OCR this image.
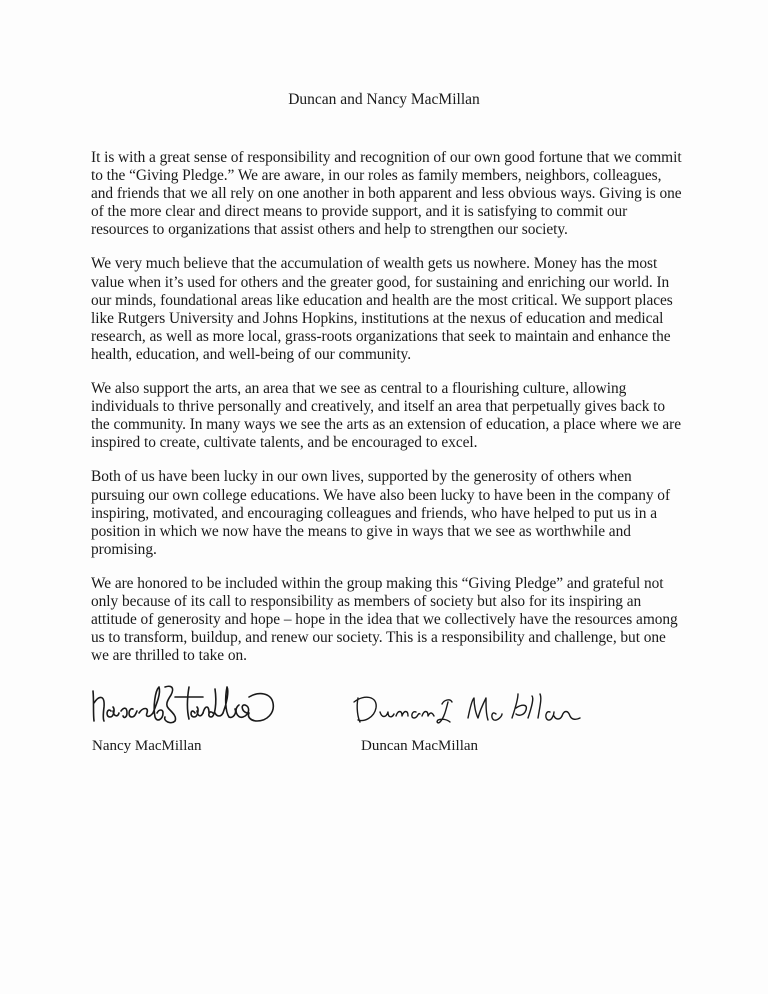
Duncan and Nancy MacMillan

It is with a great sense of responsibility and recognition of our own good fortune that we commit to the “Giving Pledge.” We are aware, in our roles as family members, neighbors, colleagues, and friends that we all rely on one another in both apparent and less obvious ways. Giving is one of the more clear and direct means to provide support, and it is satisfying to commit our resources to organizations that assist others and help to strengthen our society.

We very much believe that the accumulation of wealth gets us nowhere. Money has the most value when it’s used for others and the greater good, for sustaining and enriching our world. In our minds, foundational areas like education and health are the most critical. We support places like Rutgers University and Johns Hopkins, institutions at the nexus of education and medical research, as well as more local, grass-roots organizations that seek to maintain and enhance the health, education, and well-being of our community.

We also support the arts, an area that we see as central to a flourishing culture, allowing individuals to thrive personally and creatively, and itself an area that perpetually gives back to the community. In many ways we see the arts as an extension of education, a place where we are inspired to create, cultivate talents, and be encouraged to excel.

Both of us have been lucky in our own lives, supported by the generosity of others when pursuing our own college educations. We have also been lucky to have been in the company of inspiring, motivated, and encouraging colleagues and friends, who have helped to put us in a position in which we now have the means to give in ways that we see as worthwhile and promising.

We are honored to be included within the group making this “Giving Pledge” and grateful not only because of its call to responsibility as members of society but also for its inspiring an attitude of generosity and hope – hope in the idea that we collectively have the resources among us to transform, buildup, and renew our society. This is a responsibility and challenge, but one we are thrilled to take on.

Nancy MacMillan	Duncan MacMillan
